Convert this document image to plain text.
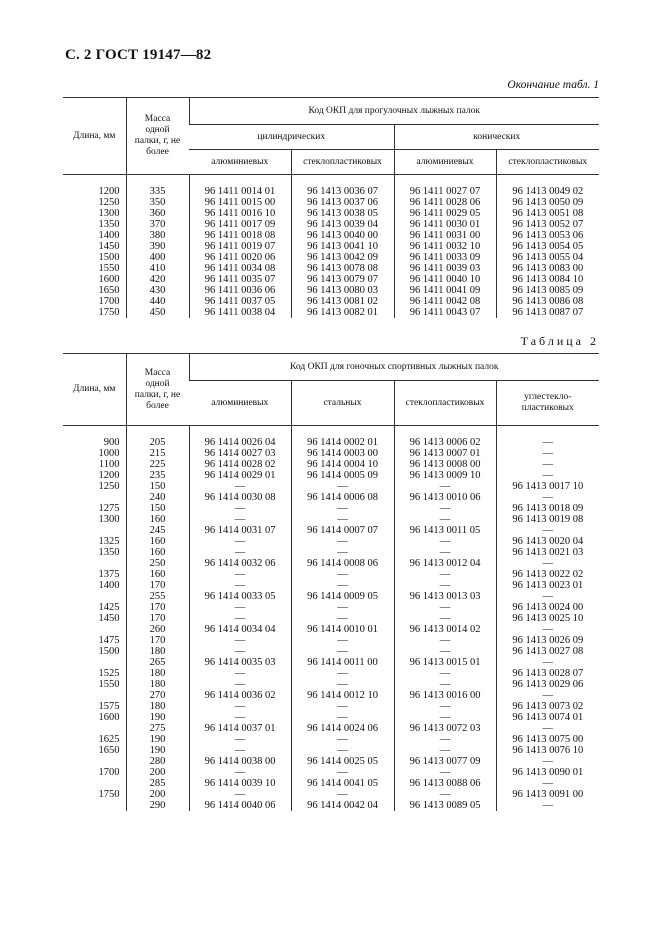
С. 2 ГОСТ 19147—82
Окончание табл. 1
Длина, мм	Масса одной палки, г, не более	Код ОКП для прогулочных лыжных палок			
		цилиндрических		конических	
		алюминиевых	стеклопластиковых	алюминиевых	стеклопластиковых

1200	335	96 1411 0014 01	96 1413 0036 07	96 1411 0027 07	96 1413 0049 02
1250	350	96 1411 0015 00	96 1413 0037 06	96 1411 0028 06	96 1413 0050 09
1300	360	96 1411 0016 10	96 1413 0038 05	96 1411 0029 05	96 1413 0051 08
1350	370	96 1411 0017 09	96 1413 0039 04	96 1411 0030 01	96 1413 0052 07
1400	380	96 1411 0018 08	96 1413 0040 00	96 1411 0031 00	96 1413 0053 06
1450	390	96 1411 0019 07	96 1413 0041 10	96 1411 0032 10	96 1413 0054 05
1500	400	96 1411 0020 06	96 1413 0042 09	96 1411 0033 09	96 1413 0055 04
1550	410	96 1411 0034 08	96 1413 0078 08	96 1411 0039 03	96 1413 0083 00
1600	420	96 1411 0035 07	96 1413 0079 07	96 1411 0040 10	96 1413 0084 10
1650	430	96 1411 0036 06	96 1413 0080 03	96 1411 0041 09	96 1413 0085 09
1700	440	96 1411 0037 05	96 1413 0081 02	96 1411 0042 08	96 1413 0086 08
1750	450	96 1411 0038 04	96 1413 0082 01	96 1411 0043 07	96 1413 0087 07
Таблица 2
Длина, мм	Масса одной палки, г, не более	Код ОКП для гоночных спортивных лыжных палок			
		алюминиевых	стальных	стеклопластиковых	углестекло-пластиковых

900	205	96 1414 0026 04	96 1414 0002 01	96 1413 0006 02	—
1000	215	96 1414 0027 03	96 1414 0003 00	96 1413 0007 01	—
1100	225	96 1414 0028 02	96 1414 0004 10	96 1413 0008 00	—
1200	235	96 1414 0029 01	96 1414 0005 09	96 1413 0009 10	—
1250	150	—	—	—	96 1413 0017 10
	240	96 1414 0030 08	96 1414 0006 08	96 1413 0010 06	—
1275	150	—	—	—	96 1413 0018 09
1300	160	—	—	—	96 1413 0019 08
	245	96 1414 0031 07	96 1414 0007 07	96 1413 0011 05	—
1325	160	—	—	—	96 1413 0020 04
1350	160	—	—	—	96 1413 0021 03
	250	96 1414 0032 06	96 1414 0008 06	96 1413 0012 04	—
1375	160	—	—	—	96 1413 0022 02
1400	170	—	—	—	96 1413 0023 01
	255	96 1414 0033 05	96 1414 0009 05	96 1413 0013 03	—
1425	170	—	—	—	96 1413 0024 00
1450	170	—	—	—	96 1413 0025 10
	260	96 1414 0034 04	96 1414 0010 01	96 1413 0014 02	—
1475	170	—	—	—	96 1413 0026 09
1500	180	—	—	—	96 1413 0027 08
	265	96 1414 0035 03	96 1414 0011 00	96 1413 0015 01	—
1525	180	—	—	—	96 1413 0028 07
1550	180	—	—	—	96 1413 0029 06
	270	96 1414 0036 02	96 1414 0012 10	96 1413 0016 00	—
1575	180	—	—	—	96 1413 0073 02
1600	190	—	—	—	96 1413 0074 01
	275	96 1414 0037 01	96 1414 0024 06	96 1413 0072 03	—
1625	190	—	—	—	96 1413 0075 00
1650	190	—	—	—	96 1413 0076 10
	280	96 1414 0038 00	96 1414 0025 05	96 1413 0077 09	—
1700	200	—	—	—	96 1413 0090 01
	285	96 1414 0039 10	96 1414 0041 05	96 1413 0088 06	—
1750	200	—	—	—	96 1413 0091 00
	290	96 1414 0040 06	96 1414 0042 04	96 1413 0089 05	—
